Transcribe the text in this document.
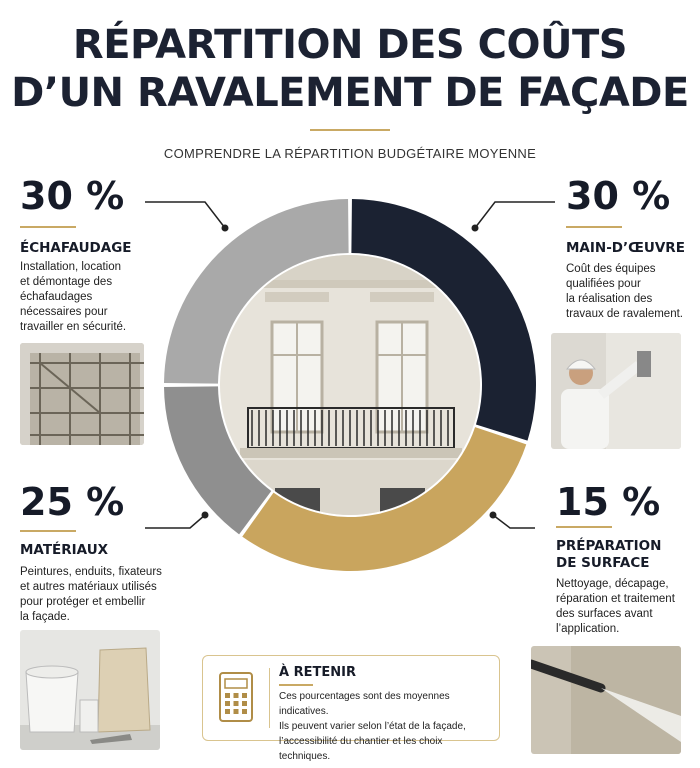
RÉPARTITION DES COÛTS
D’UN RAVALEMENT DE FAÇADE
COMPRENDRE LA RÉPARTITION BUDGÉTAIRE MOYENNE
30 %
ÉCHAFAUDAGE
Installation, location
et démontage des
échafaudages
nécessaires pour
travailler en sécurité.
30 %
MAIN-D’ŒUVRE
Coût des équipes
qualifiées pour
la réalisation des
travaux de ravalement.
25 %
MATÉRIAUX
Peintures, enduits, fixateurs
et autres matériaux utilisés
pour protéger et embellir
la façade.
15 %
PRÉPARATION
DE SURFACE
Nettoyage, décapage,
réparation et traitement
des surfaces avant
l’application.
À RETENIR
Ces pourcentages sont des moyennes indicatives.
Ils peuvent varier selon l’état de la façade,
l’accessibilité du chantier et les choix techniques.
